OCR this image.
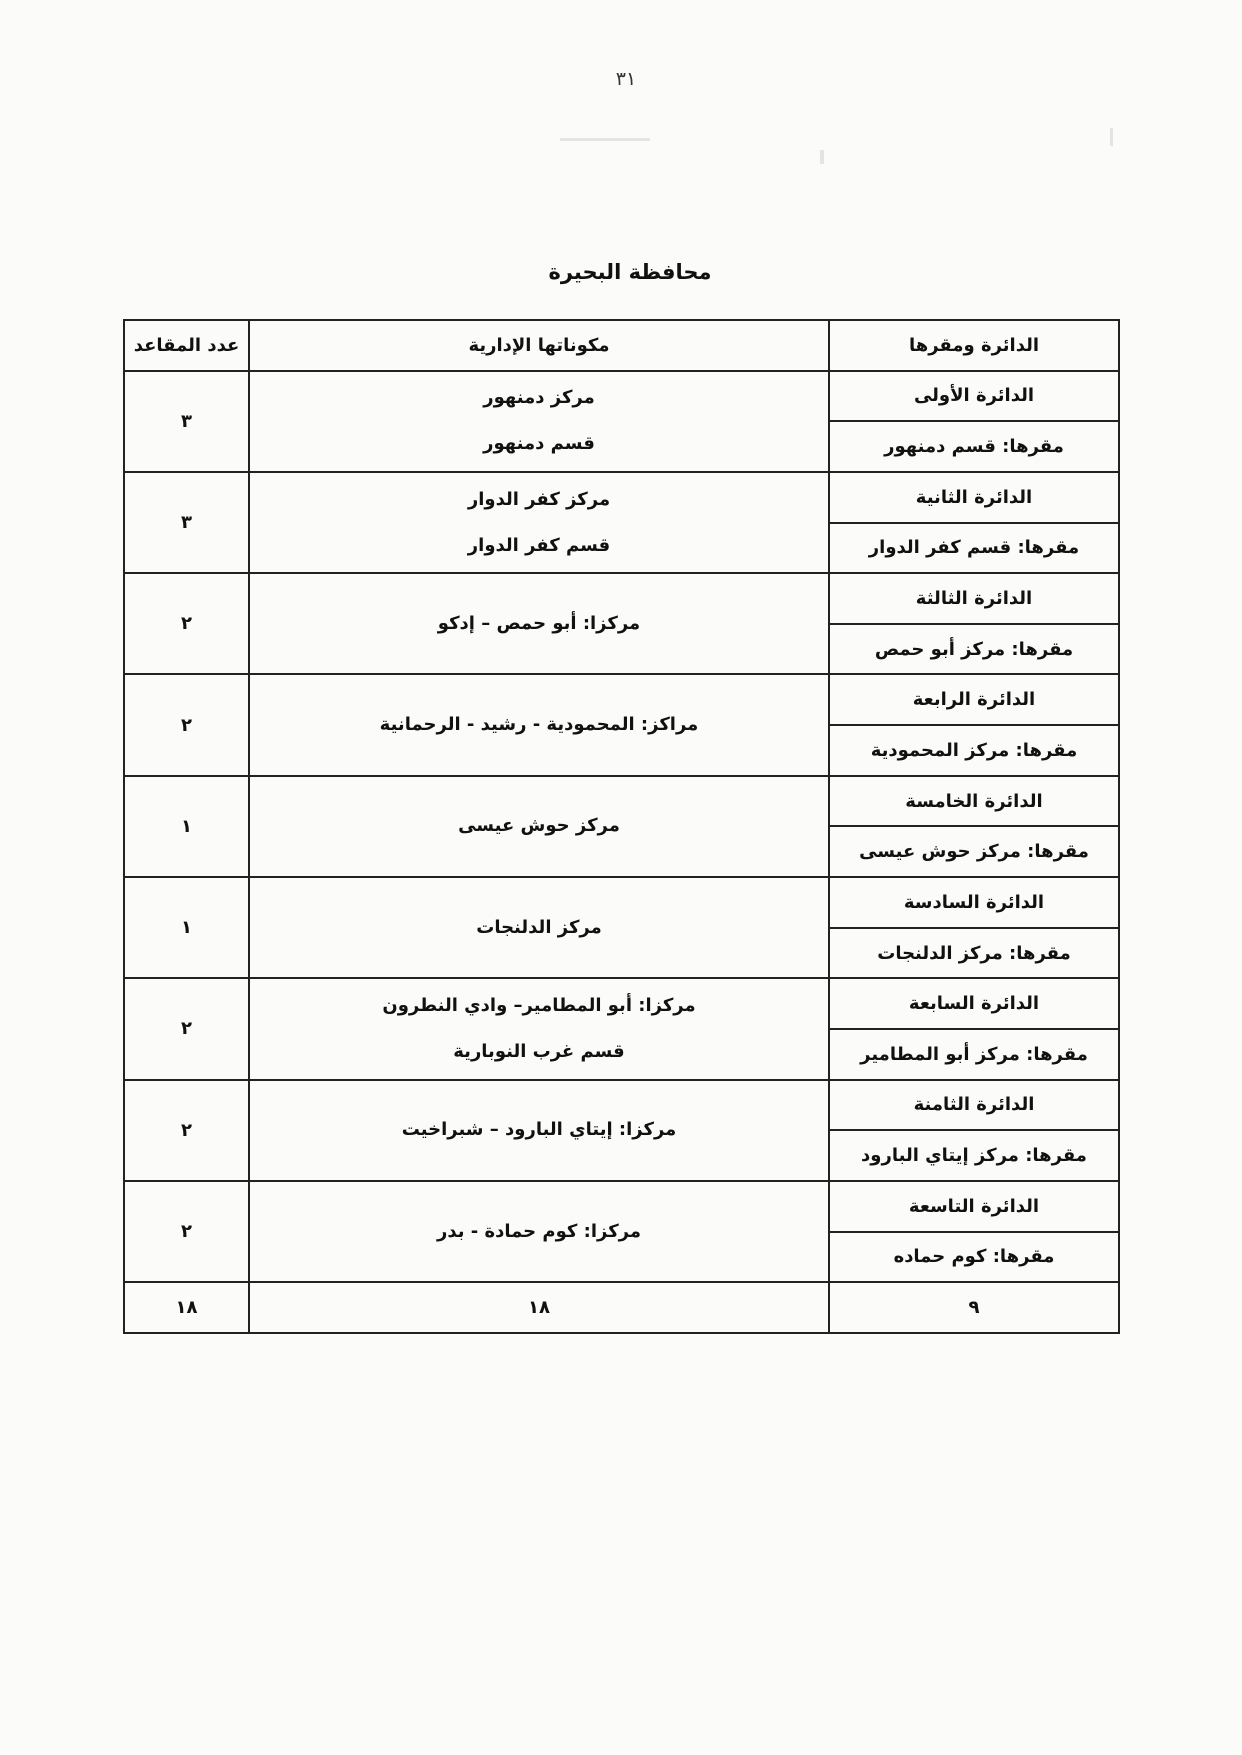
٣١
محافظة البحيرة
الدائرة ومقرها	مكوناتها الإدارية	عدد المقاعد
الدائرة الأولى	مركز دمنهور
قسم دمنهور	٣
مقرها: قسم دمنهور		
الدائرة الثانية	مركز كفر الدوار
قسم كفر الدوار	٣
مقرها: قسم كفر الدوار		
الدائرة الثالثة	مركزا: أبو حمص – إدكو	٢
مقرها: مركز أبو حمص		
الدائرة الرابعة	مراكز: المحمودية - رشيد - الرحمانية	٢
مقرها: مركز المحمودية		
الدائرة الخامسة	مركز حوش عيسى	١
مقرها: مركز حوش عيسى		
الدائرة السادسة	مركز الدلنجات	١
مقرها: مركز الدلنجات		
الدائرة السابعة	مركزا: أبو المطامير– وادي النطرون
قسم غرب النوبارية	٢
مقرها: مركز أبو المطامير		
الدائرة الثامنة	مركزا: إيتاي البارود – شبراخيت	٢
مقرها: مركز إيتاي البارود		
الدائرة التاسعة	مركزا: كوم حمادة - بدر	٢
مقرها: كوم حماده		
٩	١٨	١٨
